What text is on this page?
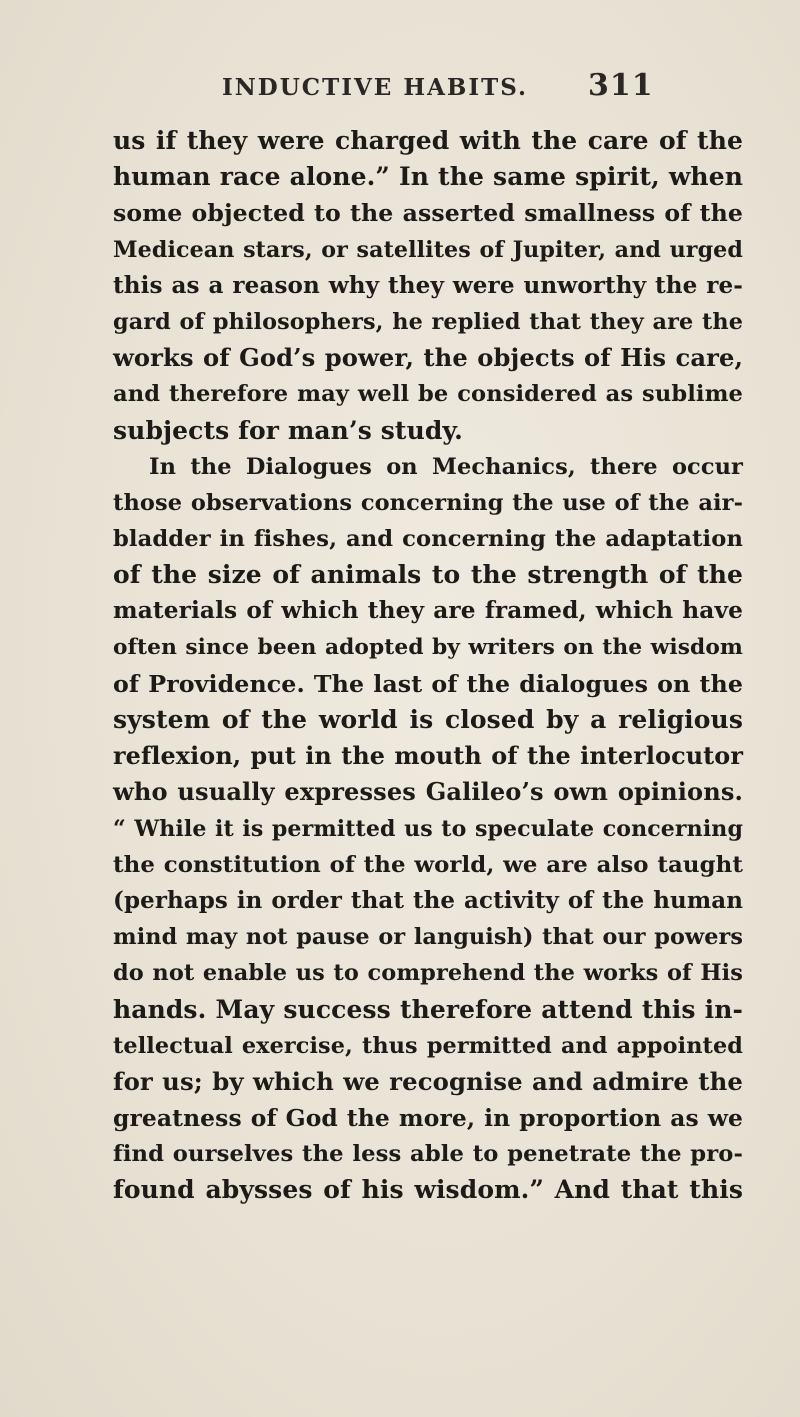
INDUCTIVE HABITS. 311
us if they were charged with the care of the
human race alone.” In the same spirit, when
some objected to the asserted smallness of the
Medicean stars, or satellites of Jupiter, and urged
this as a reason why they were unworthy the re-
gard of philosophers, he replied that they are the
works of God’s power, the objects of His care,
and therefore may well be considered as sublime
subjects for man’s study.
In the Dialogues on Mechanics, there occur
those observations concerning the use of the air-
bladder in fishes, and concerning the adaptation
of the size of animals to the strength of the
materials of which they are framed, which have
often since been adopted by writers on the wisdom
of Providence. The last of the dialogues on the
system of the world is closed by a religious
reflexion, put in the mouth of the interlocutor
who usually expresses Galileo’s own opinions.
“ While it is permitted us to speculate concerning
the constitution of the world, we are also taught
(perhaps in order that the activity of the human
mind may not pause or languish) that our powers
do not enable us to comprehend the works of His
hands. May success therefore attend this in-
tellectual exercise, thus permitted and appointed
for us; by which we recognise and admire the
greatness of God the more, in proportion as we
find ourselves the less able to penetrate the pro-
found abysses of his wisdom.” And that this
